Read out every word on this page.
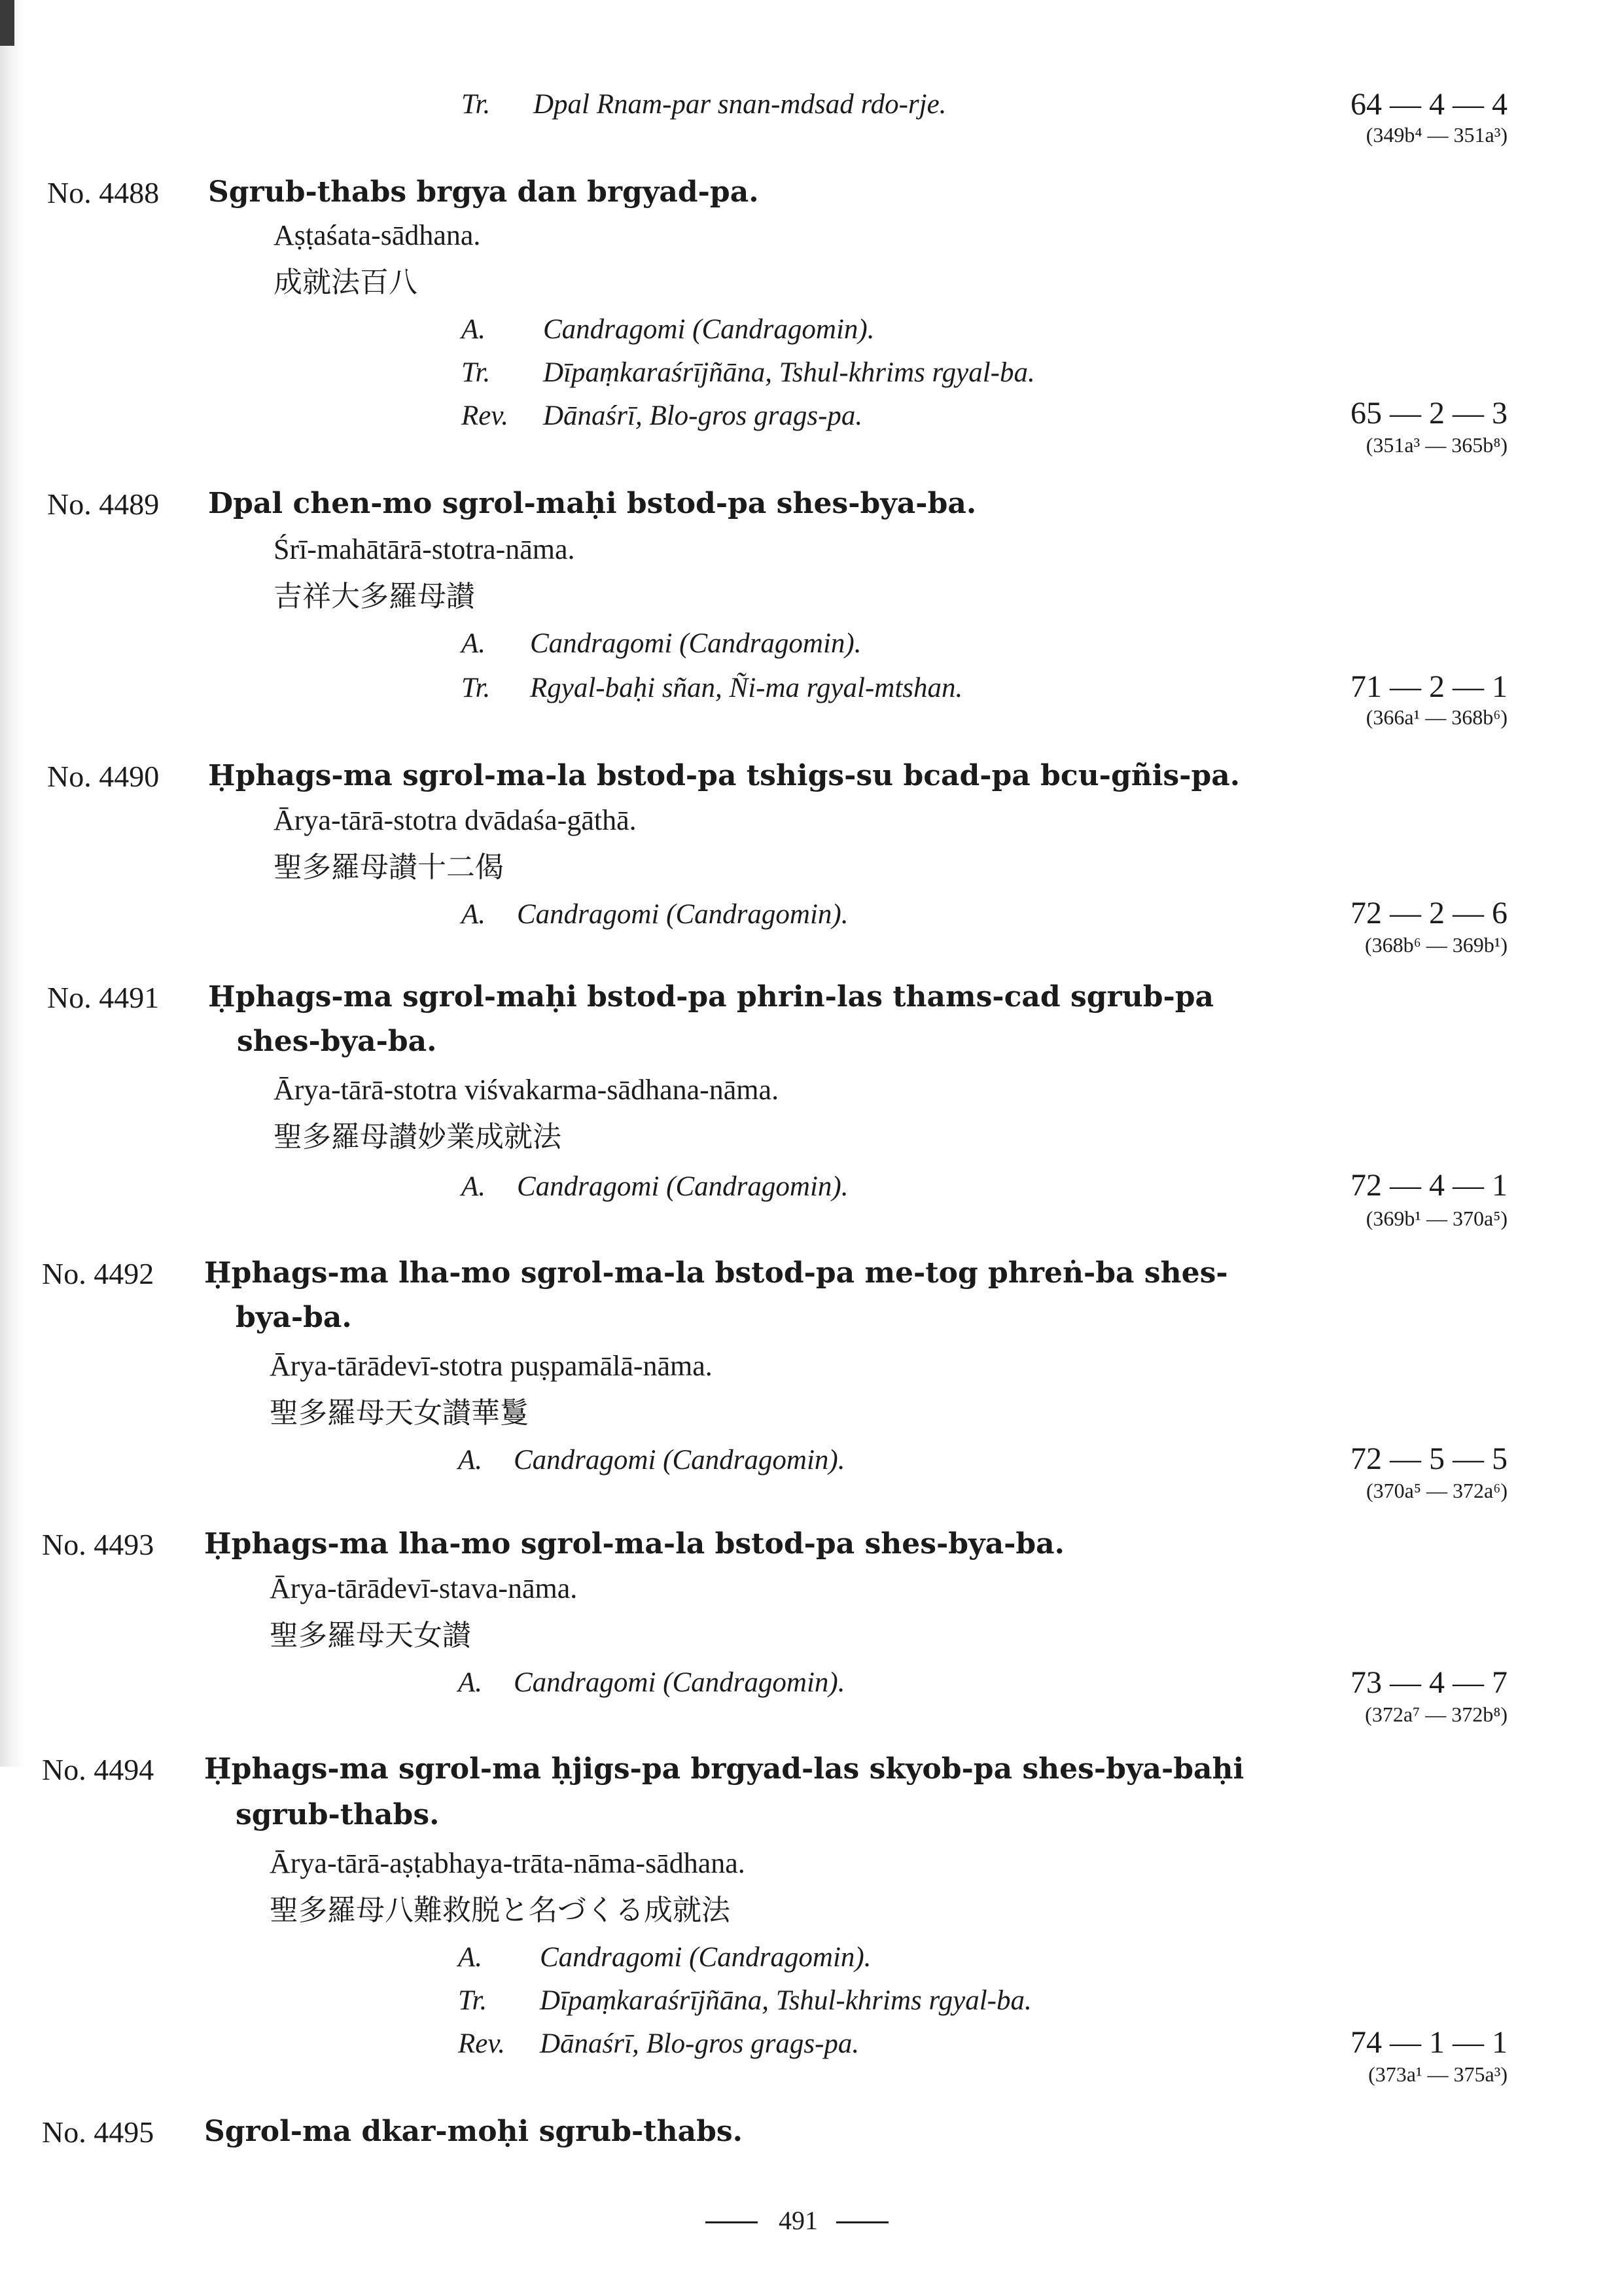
Tr. Dpal Rnam-par snan-mdsad rdo-rje.	64 — 4 — 4
(349b⁴ — 351a³)
No. 4488 Sgrub-thabs brgya dan brgyad-pa.
Aṣṭaśata-sādhana.
成就法百八
A. Candragomi (Candragomin).
Tr. Dīpaṃkaraśrījñāna, Tshul-khrims rgyal-ba.
Rev. Dānaśrī, Blo-gros grags-pa.	65 — 2 — 3
(351a³ — 365b⁸)
No. 4489 Dpal chen-mo sgrol-maḥi bstod-pa shes-bya-ba.
Śrī-mahātārā-stotra-nāma.
吉祥大多羅母讃
A. Candragomi (Candragomin).
Tr. Rgyal-baḥi sñan, Ñi-ma rgyal-mtshan.	71 — 2 — 1
(366a¹ — 368b⁶)
No. 4490 Ḥphags-ma sgrol-ma-la bstod-pa tshigs-su bcad-pa bcu-gñis-pa.
Ārya-tārā-stotra dvādaśa-gāthā.
聖多羅母讃十二偈
A. Candragomi (Candragomin).	72 — 2 — 6
(368b⁶ — 369b¹)
No. 4491 Ḥphags-ma sgrol-maḥi bstod-pa phrin-las thams-cad sgrub-pa
shes-bya-ba.
Ārya-tārā-stotra viśvakarma-sādhana-nāma.
聖多羅母讃妙業成就法
A. Candragomi (Candragomin).	72 — 4 — 1
(369b¹ — 370a⁵)
No. 4492 Ḥphags-ma lha-mo sgrol-ma-la bstod-pa me-tog phreṅ-ba shes-
bya-ba.
Ārya-tārādevī-stotra puṣpamālā-nāma.
聖多羅母天女讃華鬘
A. Candragomi (Candragomin).	72 — 5 — 5
(370a⁵ — 372a⁶)
No. 4493 Ḥphags-ma lha-mo sgrol-ma-la bstod-pa shes-bya-ba.
Ārya-tārādevī-stava-nāma.
聖多羅母天女讃
A. Candragomi (Candragomin).	73 — 4 — 7
(372a⁷ — 372b⁸)
No. 4494 Ḥphags-ma sgrol-ma ḥjigs-pa brgyad-las skyob-pa shes-bya-baḥi
sgrub-thabs.
Ārya-tārā-aṣṭabhaya-trāta-nāma-sādhana.
聖多羅母八難救脱と名づくる成就法
A. Candragomi (Candragomin).
Tr. Dīpaṃkaraśrījñāna, Tshul-khrims rgyal-ba.
Rev. Dānaśrī, Blo-gros grags-pa.	74 — 1 — 1
(373a¹ — 375a³)
No. 4495 Sgrol-ma dkar-moḥi sgrub-thabs.
491
